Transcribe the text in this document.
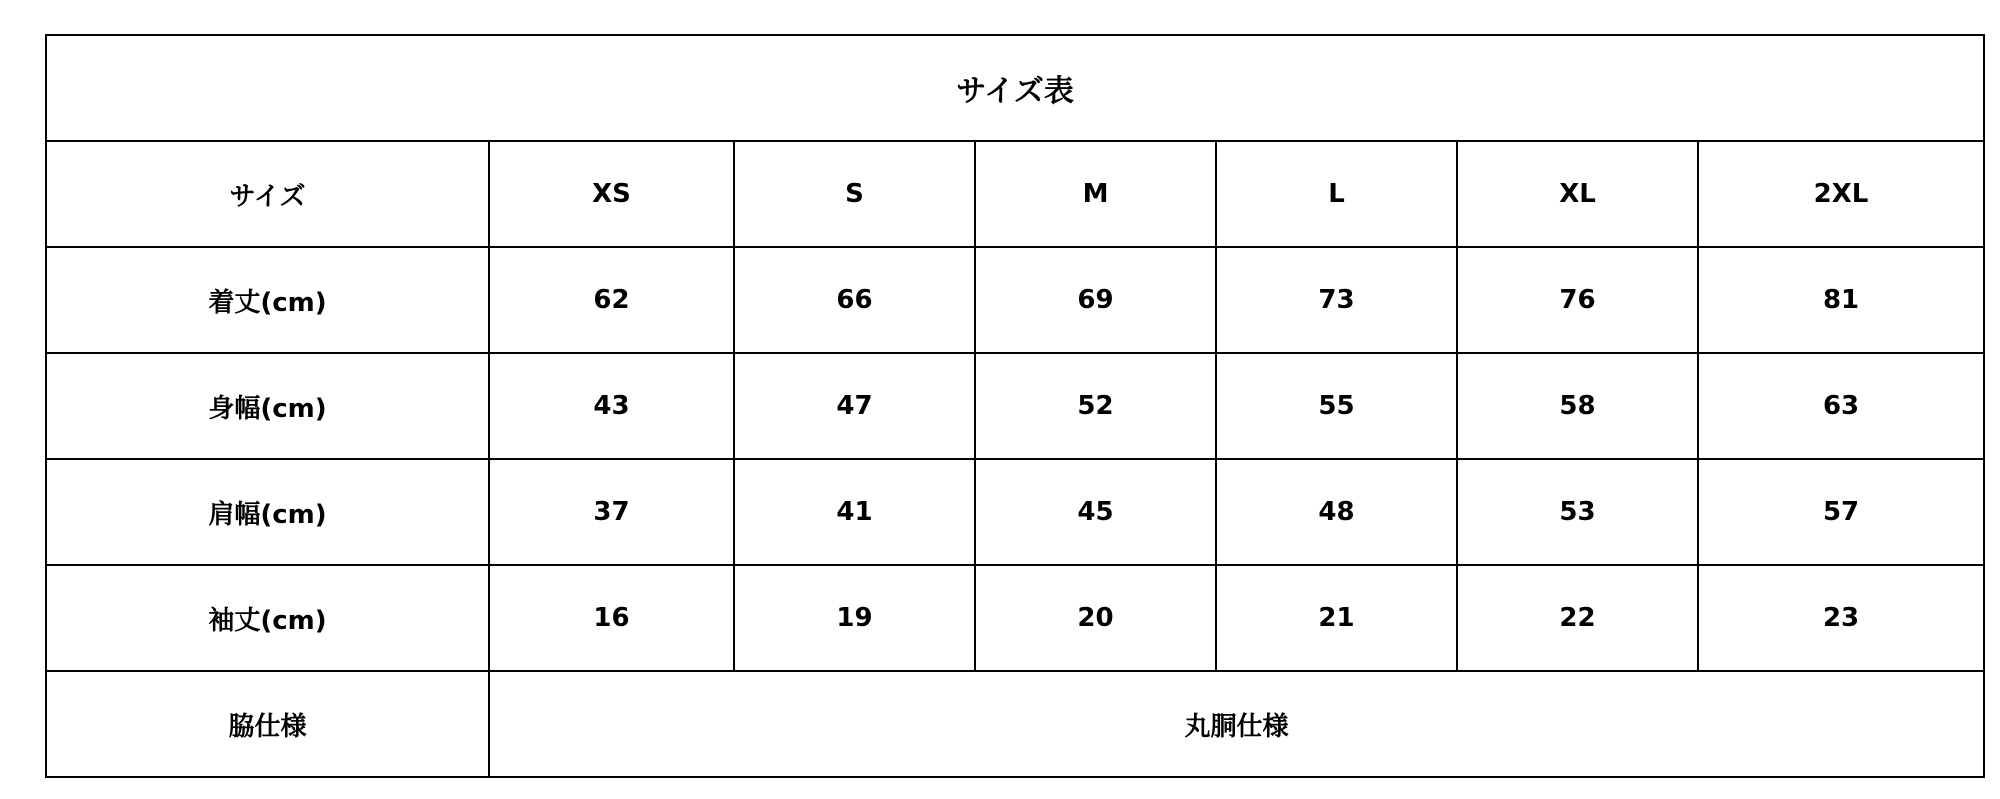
サイズ表						
サイズ	XS	S	M	L	XL	2XL
着丈(cm)	62	66	69	73	76	81
身幅(cm)	43	47	52	55	58	63
肩幅(cm)	37	41	45	48	53	57
袖丈(cm)	16	19	20	21	22	23
脇仕様	丸胴仕様					
